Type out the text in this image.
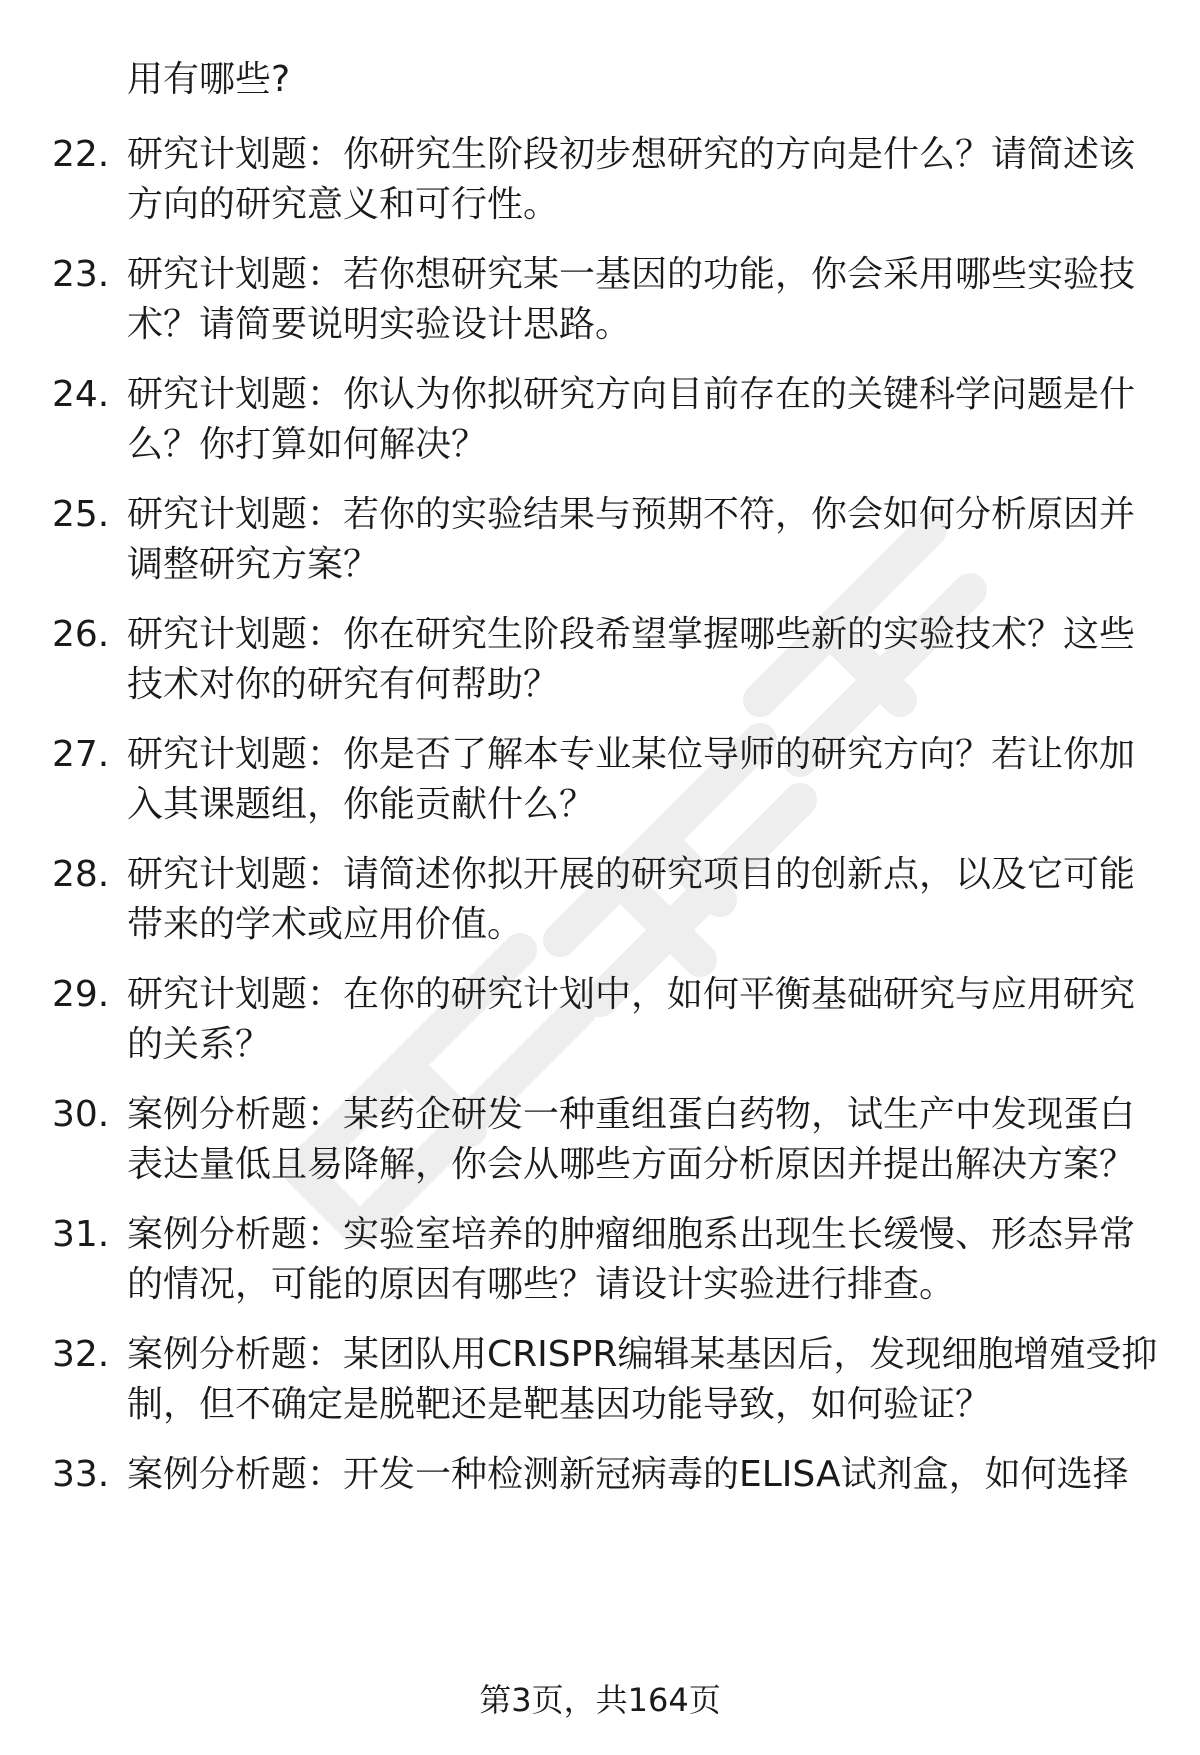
用有哪些?
22. 研究计划题：你研究生阶段初步想研究的方向是什么？请简述该
方向的研究意义和可行性。
23. 研究计划题：若你想研究某一基因的功能，你会采用哪些实验技
术？请简要说明实验设计思路。
24. 研究计划题：你认为你拟研究方向目前存在的关键科学问题是什
么？你打算如何解决？
25. 研究计划题：若你的实验结果与预期不符，你会如何分析原因并
调整研究方案？
26. 研究计划题：你在研究生阶段希望掌握哪些新的实验技术？这些
技术对你的研究有何帮助？
27. 研究计划题：你是否了解本专业某位导师的研究方向？若让你加
入其课题组，你能贡献什么？
28. 研究计划题：请简述你拟开展的研究项目的创新点，以及它可能
带来的学术或应用价值。
29. 研究计划题：在你的研究计划中，如何平衡基础研究与应用研究
的关系？
30. 案例分析题：某药企研发一种重组蛋白药物，试生产中发现蛋白
表达量低且易降解，你会从哪些方面分析原因并提出解决方案？
31. 案例分析题：实验室培养的肿瘤细胞系出现生长缓慢、形态异常
的情况，可能的原因有哪些？请设计实验进行排查。
32. 案例分析题：某团队用CRISPR编辑某基因后，发现细胞增殖受抑
制，但不确定是脱靶还是靶基因功能导致，如何验证？
33. 案例分析题：开发一种检测新冠病毒的ELISA试剂盒，如何选择
第3页，共164页
